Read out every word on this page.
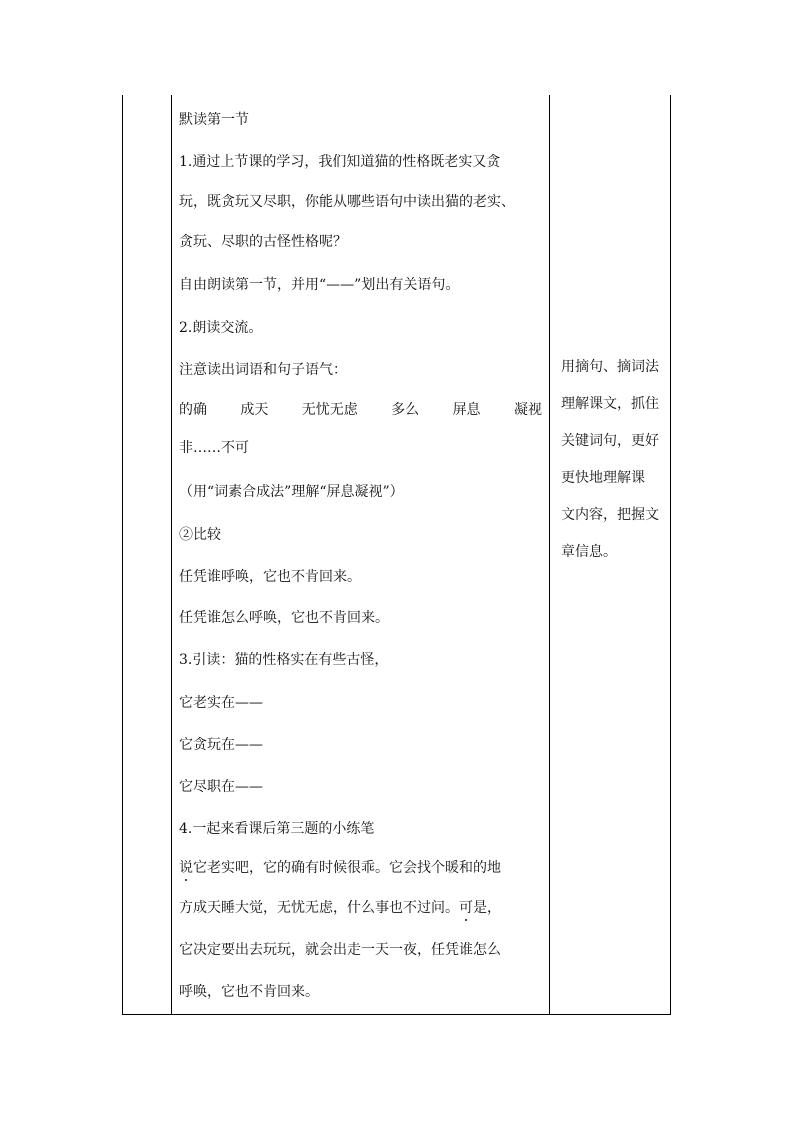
默读第一节
1.通过上节课的学习，我们知道猫的性格既老实又贪
玩，既贪玩又尽职，你能从哪些语句中读出猫的老实、
贪玩、尽职的古怪性格呢？
自由朗读第一节，并用“——”划出有关语句。
2.朗读交流。
注意读出词语和句子语气：
的确 成天 无忧无虑 多么 屏息 凝视
非……不可
（用“词素合成法”理解“屏息凝视”）
②比较
任凭谁呼唤，它也不肯回来。
任凭谁怎么呼唤，它也不肯回来。
3.引读：猫的性格实在有些古怪，
它老实在——
它贪玩在——
它尽职在——
4.一起来看课后第三题的小练笔
说它老实吧，它的确有时候很乖。它会找个暖和的地
方成天睡大觉，无忧无虑，什么事也不过问。可是，
它决定要出去玩玩，就会出走一天一夜，任凭谁怎么
呼唤，它也不肯回来。
用摘句、摘词法
理解课文，抓住
关键词句，更好
更快地理解课
文内容，把握文
章信息。
